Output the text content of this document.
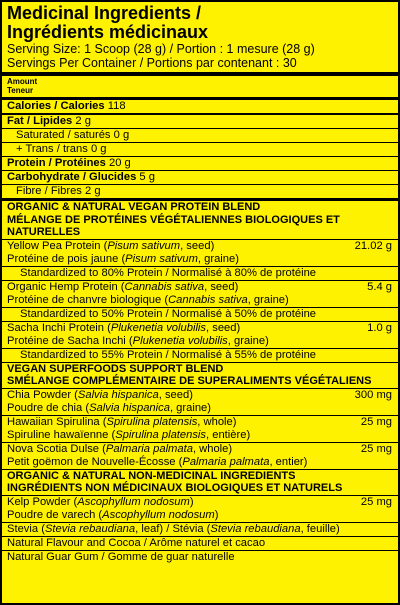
Medicinal Ingredients /
Ingrédients médicinaux
Serving Size: 1 Scoop (28 g) / Portion : 1 mesure (28 g)
Servings Per Container / Portions par contenant : 30
Amount
Teneur
Calories / Calories 118
Fat / Lipides 2 g
Saturated / saturés 0 g
+ Trans / trans 0 g
Protein / Protéines 20 g
Carbohydrate / Glucides 5 g
Fibre / Fibres 2 g
ORGANIC & NATURAL VEGAN PROTEIN BLEND
MÉLANGE DE PROTÉINES VÉGÉTALIENNES BIOLOGIQUES ET NATURELLES
Yellow Pea Protein (Pisum sativum, seed)
Protéine de pois jaune (Pisum sativum, graine)
21.02 g
Standardized to 80% Protein / Normalisé à 80% de protéine
Organic Hemp Protein (Cannabis sativa, seed)
Protéine de chanvre biologique (Cannabis sativa, graine)
5.4 g
Standardized to 50% Protein / Normalisé à 50% de protéine
Sacha Inchi Protein (Plukenetia volubilis, seed)
Protéine de Sacha Inchi (Plukenetia volubilis, graine)
1.0 g
Standardized to 55% Protein / Normalisé à 55% de protéine
VEGAN SUPERFOODS SUPPORT BLEND
SMÉLANGE COMPLÉMENTAIRE DE SUPERALIMENTS VÉGÉTALIENS
Chia Powder (Salvia hispanica, seed)
Poudre de chia (Salvia hispanica, graine)
300 mg
Hawaiian Spirulina (Spirulina platensis, whole)
Spiruline hawaïenne (Spirulina platensis, entière)
25 mg
Nova Scotia Dulse (Palmaria palmata, whole)
Petit goëmon de Nouvelle-Écosse (Palmaria palmata, entier)
25 mg
ORGANIC & NATURAL NON-MEDICINAL INGREDIENTS
INGRÉDIENTS NON MÉDICINAUX BIOLOGIQUES ET NATURELS
Kelp Powder (Ascophyllum nodosum)
Poudre de varech (Ascophyllum nodosum)
25 mg
Stevia (Stevia rebaudiana, leaf) / Stévia (Stevia rebaudiana, feuille)
Natural Flavour and Cocoa / Arôme naturel et cacao
Natural Guar Gum / Gomme de guar naturelle
